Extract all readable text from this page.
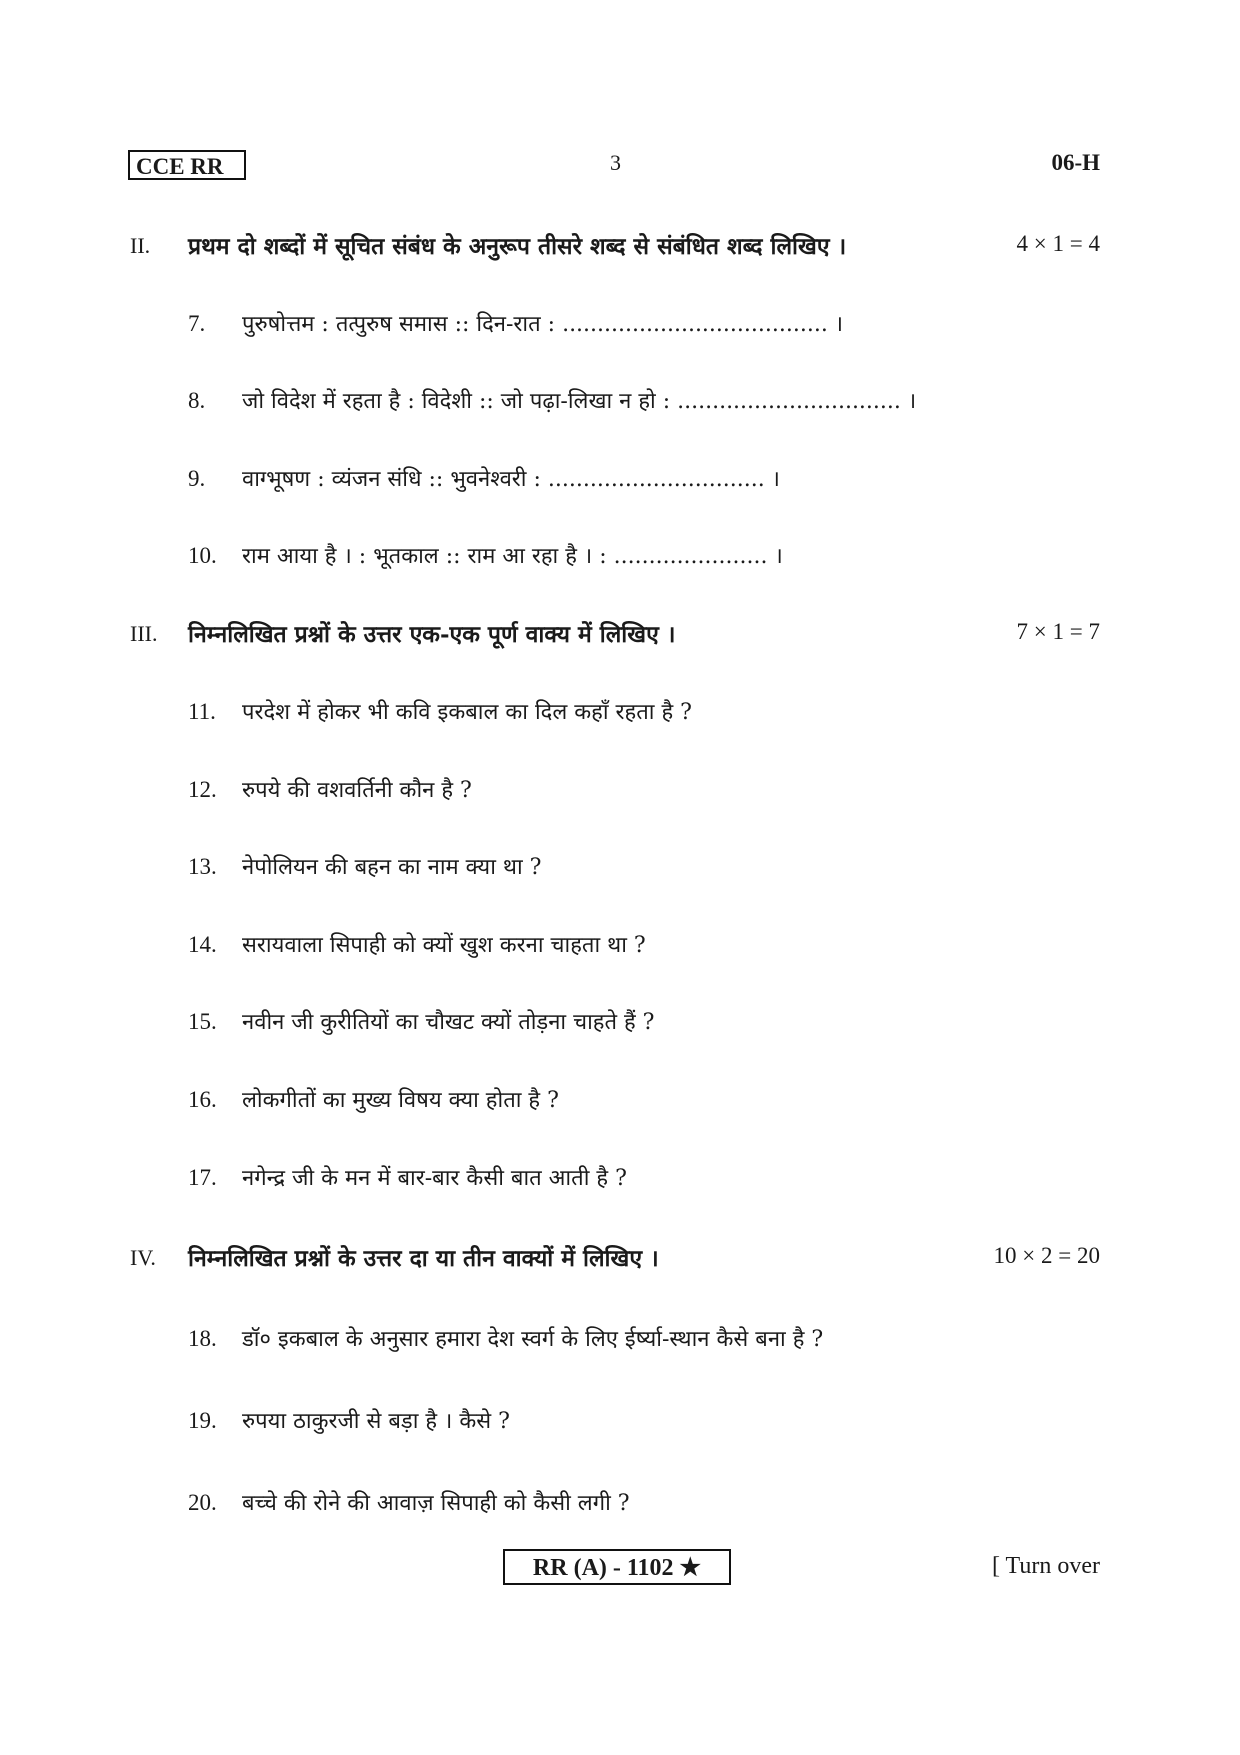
CCE RR	3	06-H
II. प्रथम दो शब्दों में सूचित संबंध के अनुरूप तीसरे शब्द से संबंधित शब्द लिखिए ।	4 × 1 = 4
7. पुरुषोत्तम : तत्पुरुष समास :: दिन-रात : ...................................... ।
8. जो विदेश में रहता है : विदेशी :: जो पढ़ा-लिखा न हो : ................................ ।
9. वाग्भूषण : व्यंजन संधि :: भुवनेश्वरी : ............................... ।
10. राम आया है । : भूतकाल :: राम आ रहा है । : ...................... ।
III. निम्नलिखित प्रश्नों के उत्तर एक-एक पूर्ण वाक्य में लिखिए ।	7 × 1 = 7
11. परदेश में होकर भी कवि इकबाल का दिल कहाँ रहता है ?
12. रुपये की वशवर्तिनी कौन है ?
13. नेपोलियन की बहन का नाम क्या था ?
14. सरायवाला सिपाही को क्यों खुश करना चाहता था ?
15. नवीन जी कुरीतियों का चौखट क्यों तोड़ना चाहते हैं ?
16. लोकगीतों का मुख्य विषय क्या होता है ?
17. नगेन्द्र जी के मन में बार-बार कैसी बात आती है ?
IV. निम्नलिखित प्रश्नों के उत्तर दा या तीन वाक्यों में लिखिए ।	10 × 2 = 20
18. डॉ० इकबाल के अनुसार हमारा देश स्वर्ग के लिए ईर्ष्या-स्थान कैसे बना है ?
19. रुपया ठाकुरजी से बड़ा है । कैसे ?
20. बच्चे की रोने की आवाज़ सिपाही को कैसी लगी ?
RR (A) - 1102 ★	[ Turn over
